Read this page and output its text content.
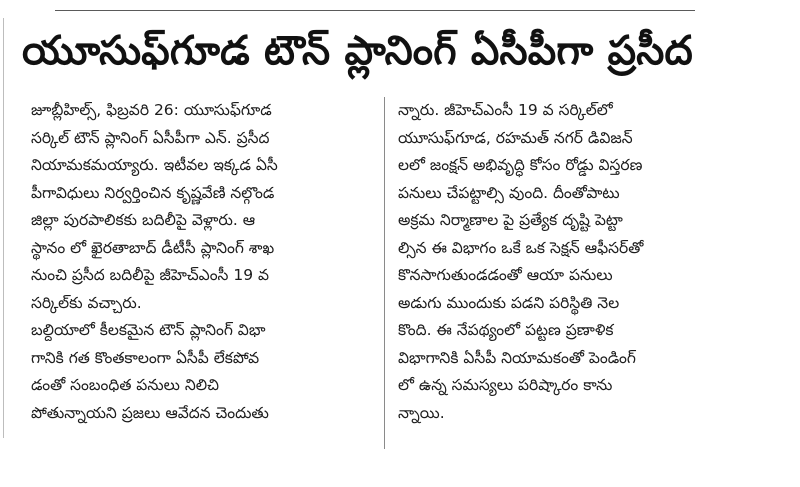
యూసుఫ్‌గూడ టౌన్ ప్లానింగ్ ఏసీపీగా ప్రసీద
జూబ్లీహిల్స్, ఫిబ్రవరి 26: యూసుఫ్‌గూడ
సర్కిల్ టౌన్ ప్లానింగ్ ఏసీపీగా ఎన్. ప్రసీద
నియామకమయ్యారు. ఇటీవల ఇక్కడ ఏసీ
పీగావిధులు నిర్వర్తించిన కృష్ణవేణి నల్గొండ
జిల్లా పురపాలికకు బదిలీపై వెళ్లారు. ఆ
స్థానం లో ఖైరతాబాద్ డీటీసీ ప్లానింగ్ శాఖ
నుంచి ప్రసీద బదిలీపై జీహెచ్‌ఎంసీ 19 వ
సర్కిల్‌కు వచ్చారు.
బల్దియాలో కీలకమైన టౌన్ ప్లానింగ్ విభా
గానికి గత కొంతకాలంగా ఏసీపీ లేకపోవ
డంతో సంబంధిత పనులు నిలిచి
పోతున్నాయని ప్రజలు ఆవేదన చెందుతు
న్నారు. జీహెచ్‌ఎంసీ 19 వ సర్కిల్‌లో
యూసుఫ్‌గూడ, రహమత్ నగర్ డివిజన్
లలో జంక్షన్ అభివృద్ధి కోసం రోడ్డు విస్తరణ
పనులు చేపట్టాల్సి వుంది. దీంతోపాటు
అక్రమ నిర్మాణాల పై ప్రత్యేక దృష్టి పెట్టా
ల్సిన ఈ విభాగం ఒకే ఒక సెక్షన్ ఆఫీసర్‌తో
కొనసాగుతుండడంతో ఆయా పనులు
అడుగు ముందుకు పడని పరిస్థితి నెల
కొంది. ఈ నేపథ్యంలో పట్టణ ప్రణాళిక
విభాగానికి ఏసీపీ నియామకంతో పెండింగ్
లో ఉన్న సమస్యలు పరిష్కారం కాను
న్నాయి.
